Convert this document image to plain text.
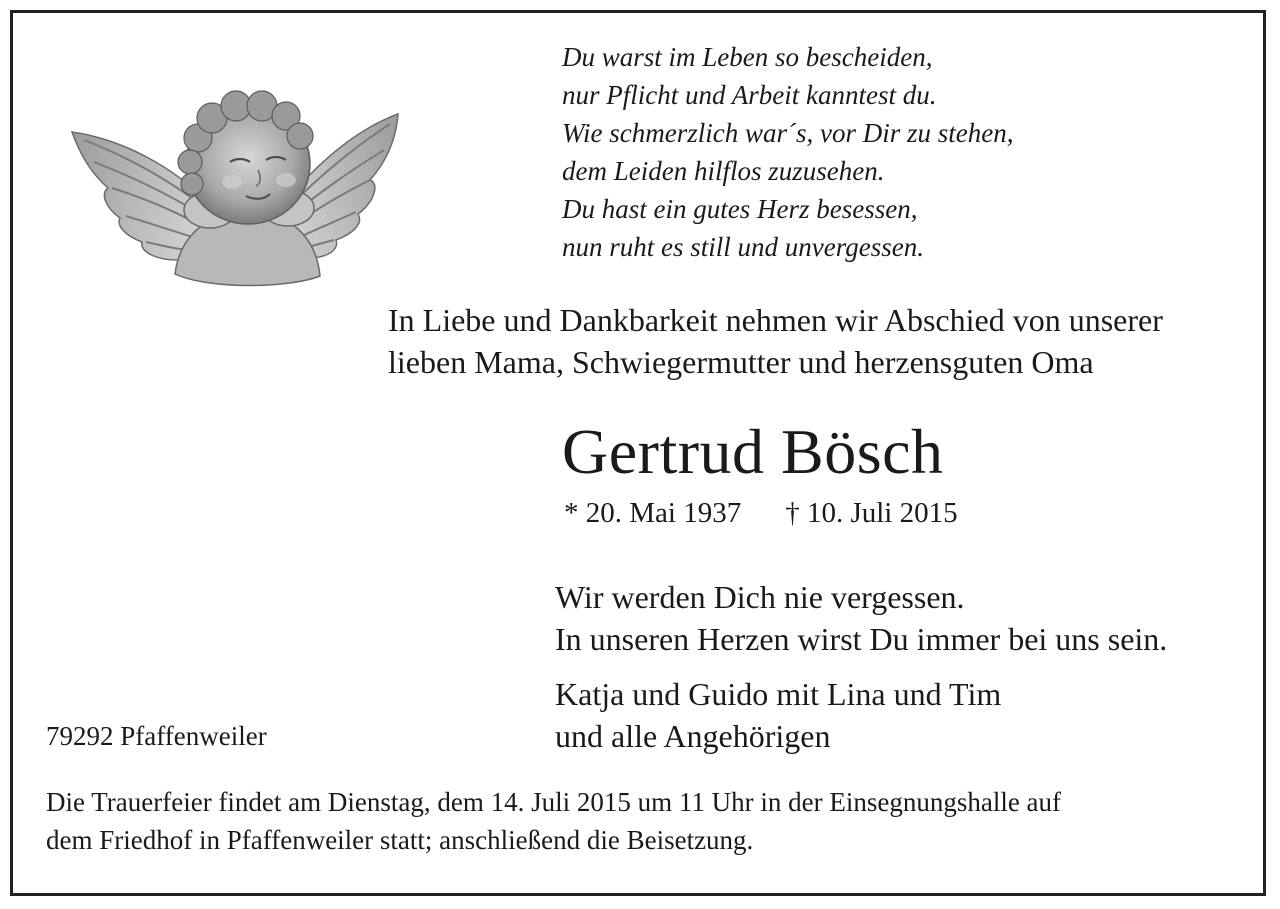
Du warst im Leben so bescheiden,
nur Pflicht und Arbeit kanntest du.
Wie schmerzlich war´s, vor Dir zu stehen,
dem Leiden hilflos zuzusehen.
Du hast ein gutes Herz besessen,
nun ruht es still und unvergessen.
In Liebe und Dankbarkeit nehmen wir Abschied von unserer
lieben Mama, Schwiegermutter und herzensguten Oma
Gertrud Bösch
* 20. Mai 1937 † 10. Juli 2015
Wir werden Dich nie vergessen.
In unseren Herzen wirst Du immer bei uns sein.
Katja und Guido mit Lina und Tim
und alle Angehörigen
79292 Pfaffenweiler
Die Trauerfeier findet am Dienstag, dem 14. Juli 2015 um 11 Uhr in der Einsegnungshalle auf
dem Friedhof in Pfaffenweiler statt; anschließend die Beisetzung.
